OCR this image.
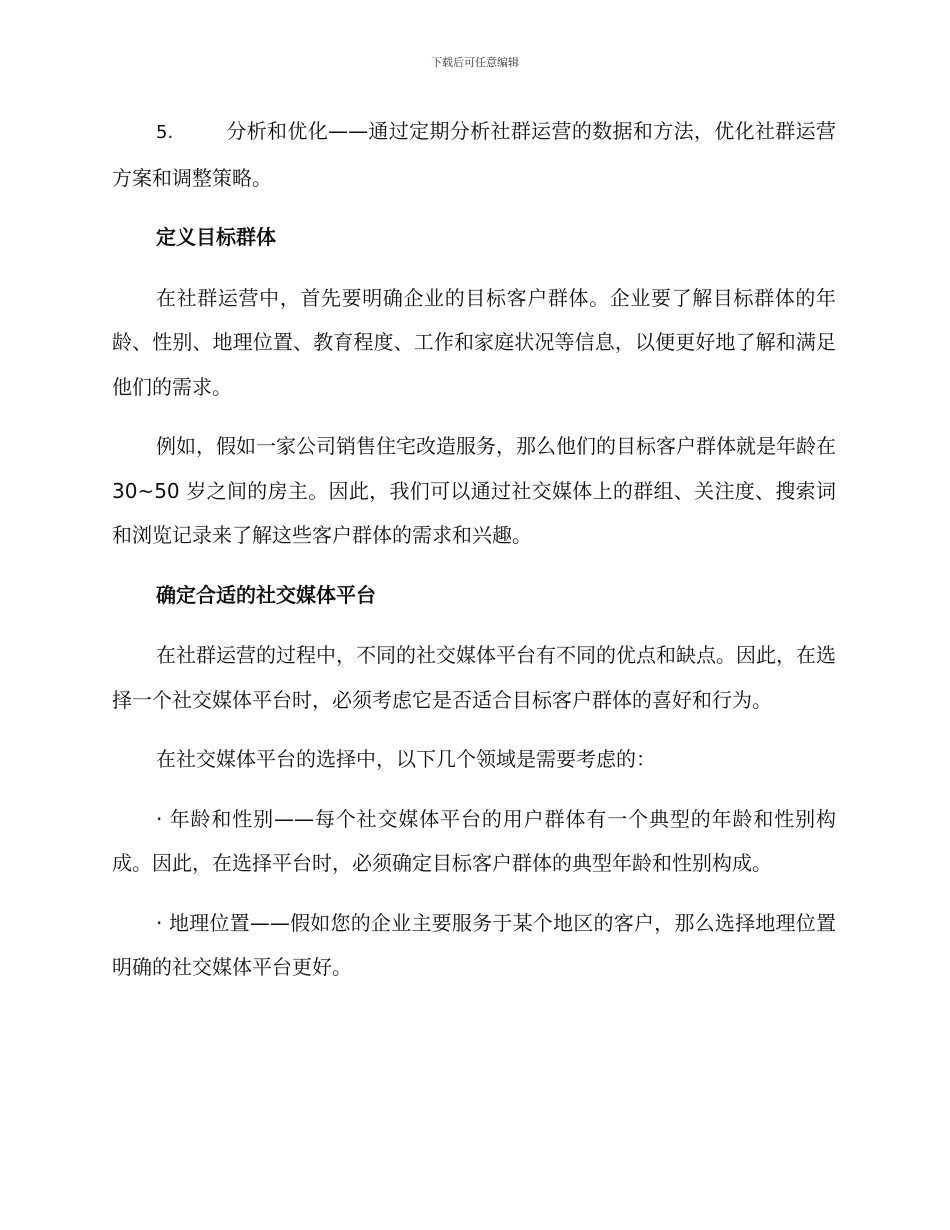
下载后可任意编辑

5.	分析和优化——通过定期分析社群运营的数据和方法，优化社群运营方案和调整策略。

定义目标群体

在社群运营中，首先要明确企业的目标客户群体。企业要了解目标群体的年龄、性别、地理位置、教育程度、工作和家庭状况等信息，以便更好地了解和满足他们的需求。

例如，假如一家公司销售住宅改造服务，那么他们的目标客户群体就是年龄在 30~50 岁之间的房主。因此，我们可以通过社交媒体上的群组、关注度、搜索词和浏览记录来了解这些客户群体的需求和兴趣。

确定合适的社交媒体平台

在社群运营的过程中，不同的社交媒体平台有不同的优点和缺点。因此，在选择一个社交媒体平台时，必须考虑它是否适合目标客户群体的喜好和行为。

在社交媒体平台的选择中，以下几个领域是需要考虑的：

· 年龄和性别——每个社交媒体平台的用户群体有一个典型的年龄和性别构成。因此，在选择平台时，必须确定目标客户群体的典型年龄和性别构成。

· 地理位置——假如您的企业主要服务于某个地区的客户，那么选择地理位置明确的社交媒体平台更好。
